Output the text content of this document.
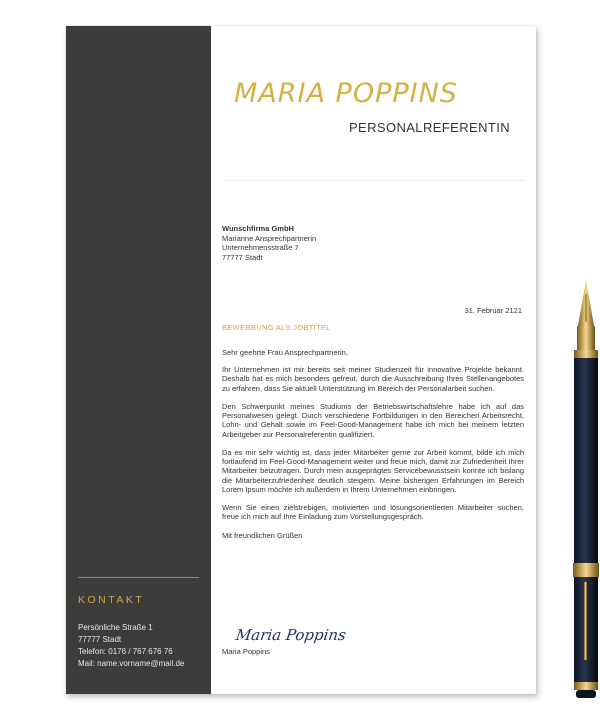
KONTAKT
Persönliche Straße 1
77777 Stadt
Telefon: 0176 / 767 676 76
Mail: name.vorname@mail.de
MARIA POPPINS
PERSONALREFERENTIN
Wunschfirma GmbH
Marianne Ansprechpartnerin
Unternehmensstraße 7
77777 Stadt
31. Februar 2121
BEWERBUNG ALS JOBTITEL

Sehr geehrte Frau Ansprechpartnerin,

Ihr Unternehmen ist mir bereits seit meiner Studienzeit für innovative Projekte bekannt. Deshalb hat es mich besonders gefreut, durch die Ausschreibung Ihres Stellenangebotes zu erfahren, dass Sie aktuell Unterstützung im Bereich der Personalarbeit suchen.

Den Schwerpunkt meines Studiums der Betriebswirtschaftslehre habe ich auf das Personalwesen gelegt. Durch verschiedene Fortbildungen in den Bereichen Arbeitsrecht, Lohn- und Gehalt sowie im Feel-Good-Management habe ich mich bei meinem letzten Arbeitgeber zur Personalreferentin qualifiziert.

Da es mir sehr wichtig ist, dass jeder Mitarbeiter gerne zur Arbeit kommt, bilde ich mich fortlaufend im Feel-Good-Management weiter und freue mich, damit zur Zufriedenheit Ihrer Mitarbeiter beizutragen. Durch mein ausgeprägtes Servicebewusstsein konnte ich bislang die Mitarbeiterzufriedenheit deutlich steigern. Meine bisherigen Erfahrungen im Bereich Lorem Ipsum möchte ich außerdem in Ihrem Unternehmen einbringen.

Wenn Sie einen zielstrebigen, motivierten und lösungsorientierten Mitarbeiter suchen, freue ich mich auf Ihre Einladung zum Vorstellungsgespräch.

Mit freundlichen Grüßen

Maria Poppins
Maria Poppins
